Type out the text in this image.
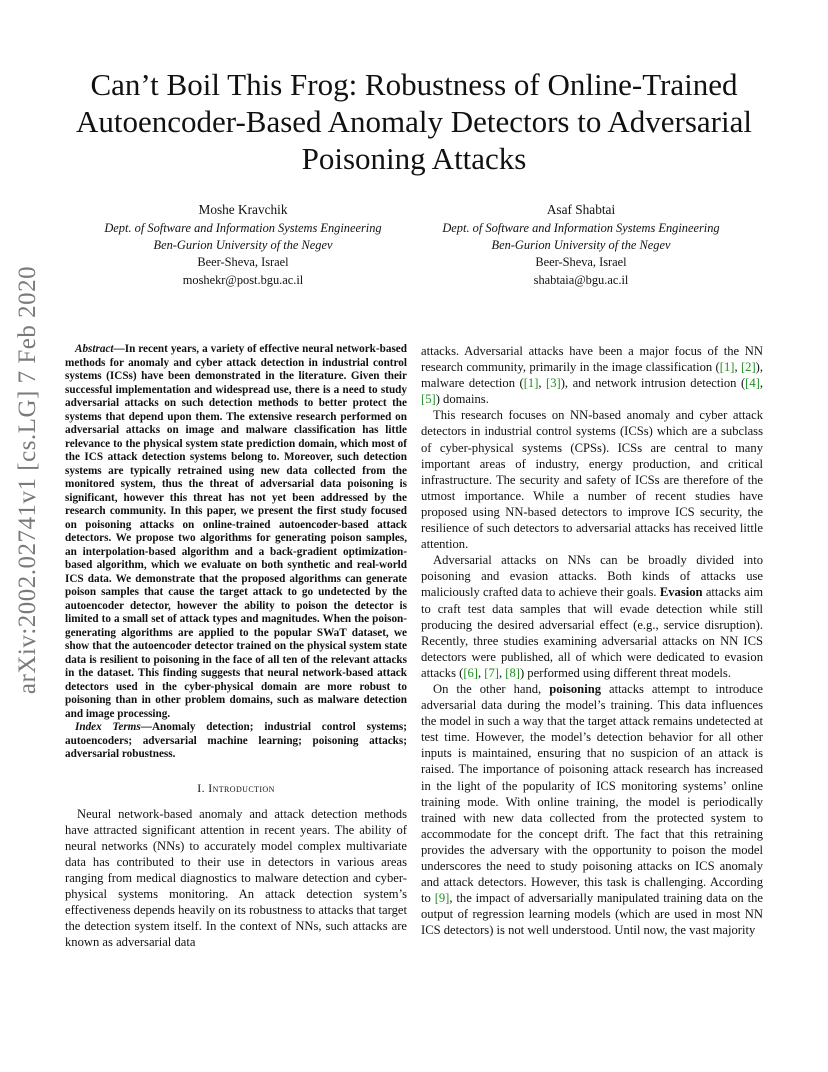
Can’t Boil This Frog: Robustness of Online-Trained Autoencoder-Based Anomaly Detectors to Adversarial Poisoning Attacks
Moshe Kravchik
Dept. of Software and Information Systems Engineering
Ben-Gurion University of the Negev
Beer-Sheva, Israel
moshekr@post.bgu.ac.il
Asaf Shabtai
Dept. of Software and Information Systems Engineering
Ben-Gurion University of the Negev
Beer-Sheva, Israel
shabtaia@bgu.ac.il
arXiv:2002.02741v1 [cs.LG] 7 Feb 2020	Abstract—In recent years, a variety of effective neural network-based methods for anomaly and cyber attack detection in industrial control systems (ICSs) have been demonstrated in the literature. Given their successful implementation and widespread use, there is a need to study adversarial attacks on such detection methods to better protect the systems that depend upon them. The extensive research performed on adversarial attacks on image and malware classification has little relevance to the physical system state prediction domain, which most of the ICS attack detection systems belong to. Moreover, such detection systems are typically retrained using new data collected from the monitored system, thus the threat of adversarial data poisoning is significant, however this threat has not yet been addressed by the research community. In this paper, we present the first study focused on poisoning attacks on online-trained autoencoder-based attack detectors. We propose two algorithms for generating poison samples, an interpolation-based algorithm and a back-gradient optimization-based algorithm, which we evaluate on both synthetic and real-world ICS data. We demonstrate that the proposed algorithms can generate poison samples that cause the target attack to go undetected by the autoencoder detector, however the ability to poison the detector is limited to a small set of attack types and magnitudes. When the poison-generating algorithms are applied to the popular SWaT dataset, we show that the autoencoder detector trained on the physical system state data is resilient to poisoning in the face of all ten of the relevant attacks in the dataset. This finding suggests that neural network-based attack detectors used in the cyber-physical domain are more robust to poisoning than in other problem domains, such as malware detection and image processing.

Index Terms—Anomaly detection; industrial control systems; autoencoders; adversarial machine learning; poisoning attacks; adversarial robustness.

I. Introduction

Neural network-based anomaly and attack detection methods have attracted significant attention in recent years. The ability of neural networks (NNs) to accurately model complex multivariate data has contributed to their use in detectors in various areas ranging from medical diagnostics to malware detection and cyber-physical systems monitoring. An attack detection system’s effectiveness depends heavily on its robustness to attacks that target the detection system itself. In the context of NNs, such attacks are known as adversarial data

attacks. Adversarial attacks have been a major focus of the NN research community, primarily in the image classification ([1], [2]), malware detection ([1], [3]), and network intrusion detection ([4], [5]) domains.

This research focuses on NN-based anomaly and cyber attack detectors in industrial control systems (ICSs) which are a subclass of cyber-physical systems (CPSs). ICSs are central to many important areas of industry, energy production, and critical infrastructure. The security and safety of ICSs are therefore of the utmost importance. While a number of recent studies have proposed using NN-based detectors to improve ICS security, the resilience of such detectors to adversarial attacks has received little attention.

Adversarial attacks on NNs can be broadly divided into poisoning and evasion attacks. Both kinds of attacks use maliciously crafted data to achieve their goals. Evasion attacks aim to craft test data samples that will evade detection while still producing the desired adversarial effect (e.g., service disruption). Recently, three studies examining adversarial attacks on NN ICS detectors were published, all of which were dedicated to evasion attacks ([6], [7], [8]) performed using different threat models.

On the other hand, poisoning attacks attempt to introduce adversarial data during the model’s training. This data influences the model in such a way that the target attack remains undetected at test time. However, the model’s detection behavior for all other inputs is maintained, ensuring that no suspicion of an attack is raised. The importance of poisoning attack research has increased in the light of the popularity of ICS monitoring systems’ online training mode. With online training, the model is periodically trained with new data collected from the protected system to accommodate for the concept drift. The fact that this retraining provides the adversary with the opportunity to poison the model underscores the need to study poisoning attacks on ICS anomaly and attack detectors. However, this task is challenging. According to [9], the impact of adversarially manipulated training data on the output of regression learning models (which are used in most NN ICS detectors) is not well understood. Until now, the vast majority
